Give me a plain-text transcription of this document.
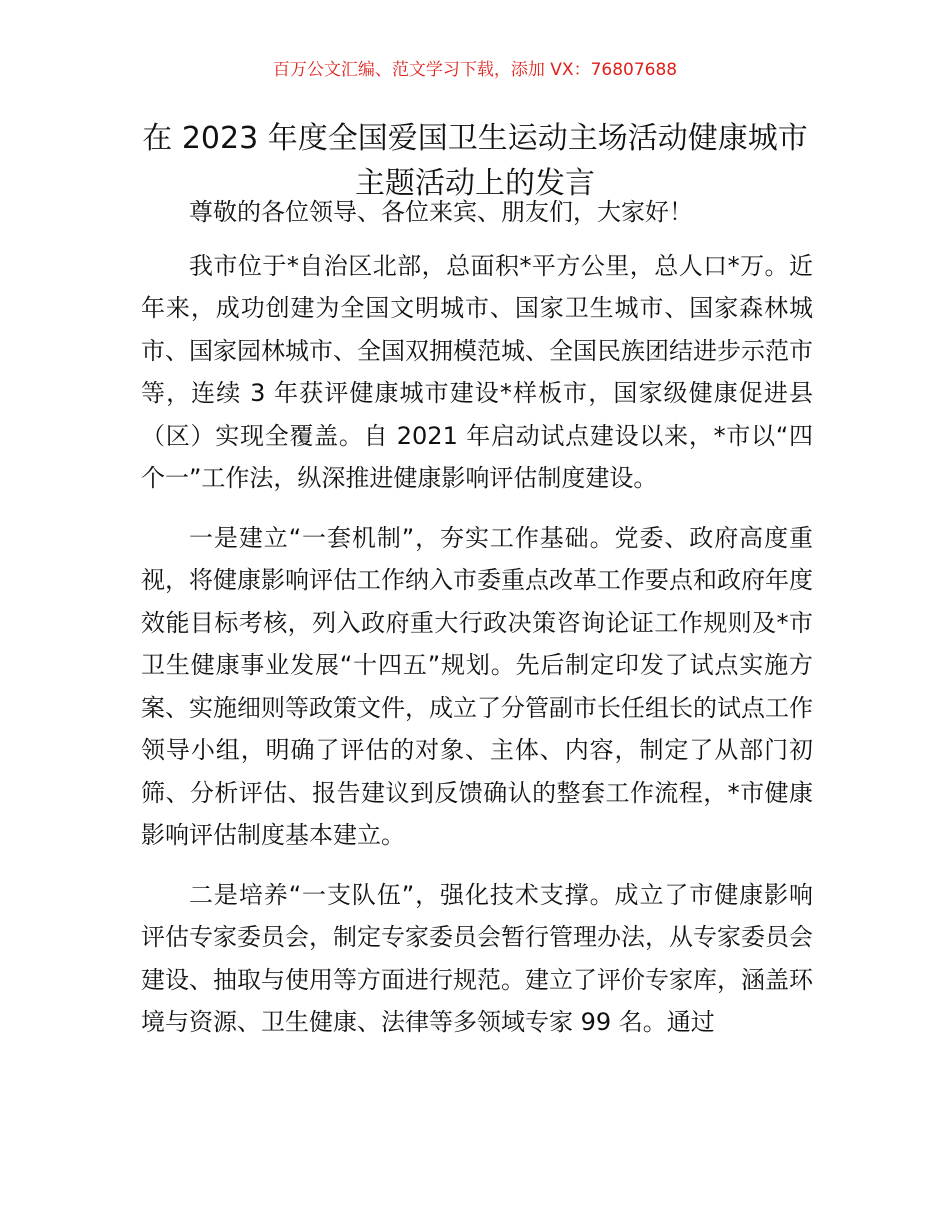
百万公文汇编、范文学习下载，添加 VX：76807688
在 2023 年度全国爱国卫生运动主场活动健康城市主题活动上的发言

尊敬的各位领导、各位来宾、朋友们，大家好！

我市位于*自治区北部，总面积*平方公里，总人口*万。近年来，成功创建为全国文明城市、国家卫生城市、国家森林城市、国家园林城市、全国双拥模范城、全国民族团结进步示范市等，连续 3 年获评健康城市建设*样板市，国家级健康促进县（区）实现全覆盖。自 2021 年启动试点建设以来，*市以“四个一”工作法，纵深推进健康影响评估制度建设。

一是建立“一套机制”，夯实工作基础。党委、政府高度重视，将健康影响评估工作纳入市委重点改革工作要点和政府年度效能目标考核，列入政府重大行政决策咨询论证工作规则及*市卫生健康事业发展“十四五”规划。先后制定印发了试点实施方案、实施细则等政策文件，成立了分管副市长任组长的试点工作领导小组，明确了评估的对象、主体、内容，制定了从部门初筛、分析评估、报告建议到反馈确认的整套工作流程，*市健康影响评估制度基本建立。

二是培养“一支队伍”，强化技术支撑。成立了市健康影响评估专家委员会，制定专家委员会暂行管理办法，从专家委员会建设、抽取与使用等方面进行规范。建立了评价专家库，涵盖环境与资源、卫生健康、法律等多领域专家 99 名。通过
